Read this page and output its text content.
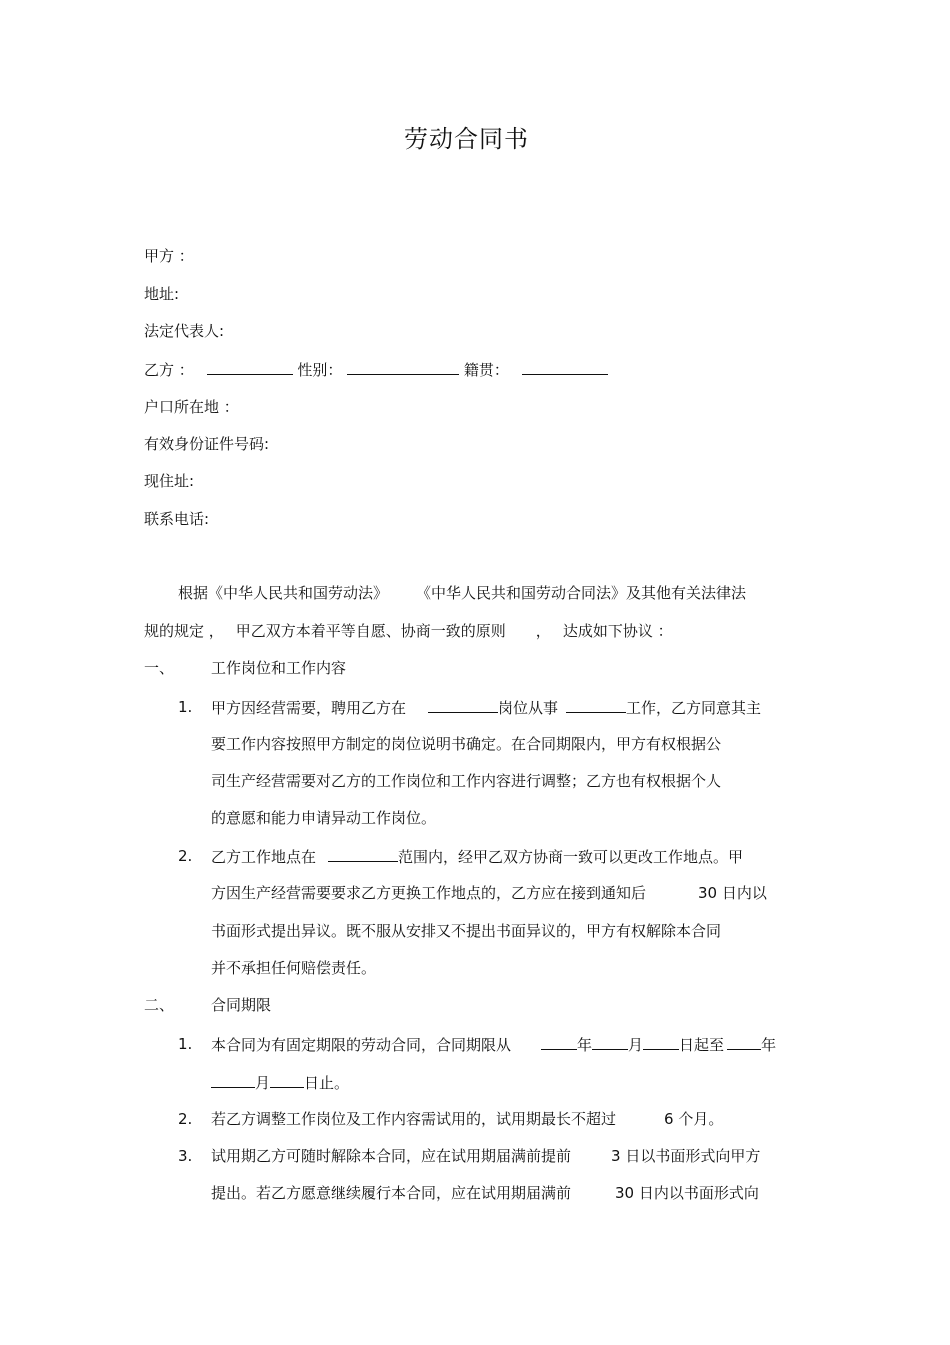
劳动合同书
甲方 ：
地址:
法定代表人:
乙方 ：	性别：	籍贯：
户口所在地 ：
有效身份证件号码:
现住址:
联系电话:
根据《中华人民共和国劳动法》 《中华人民共和国劳动合同法》及其他有关法律法
规的规定 ， 甲乙双方本着平等自愿、协商一致的原则 ， 达成如下协议 ：
一、 工作岗位和工作内容
1. 甲方因经营需要，聘用乙方在	岗位从事	工作，乙方同意其主
要工作内容按照甲方制定的岗位说明书确定。在合同期限内，甲方有权根据公
司生产经营需要对乙方的工作岗位和工作内容进行调整；乙方也有权根据个人
的意愿和能力申请异动工作岗位。
2. 乙方工作地点在	范围内，经甲乙双方协商一致可以更改工作地点。甲
方因生产经营需要要求乙方更换工作地点的，乙方应在接到通知后	30 日内以
书面形式提出异议。既不服从安排又不提出书面异议的，甲方有权解除本合同
并不承担任何赔偿责任。
二、 合同期限
1. 本合同为有固定期限的劳动合同，合同期限从	年 月 日起至 年
月 日止。
2. 若乙方调整工作岗位及工作内容需试用的，试用期最长不超过	6 个月。
3. 试用期乙方可随时解除本合同，应在试用期届满前提前	3 日以书面形式向甲方
提出。若乙方愿意继续履行本合同，应在试用期届满前	30 日内以书面形式向
